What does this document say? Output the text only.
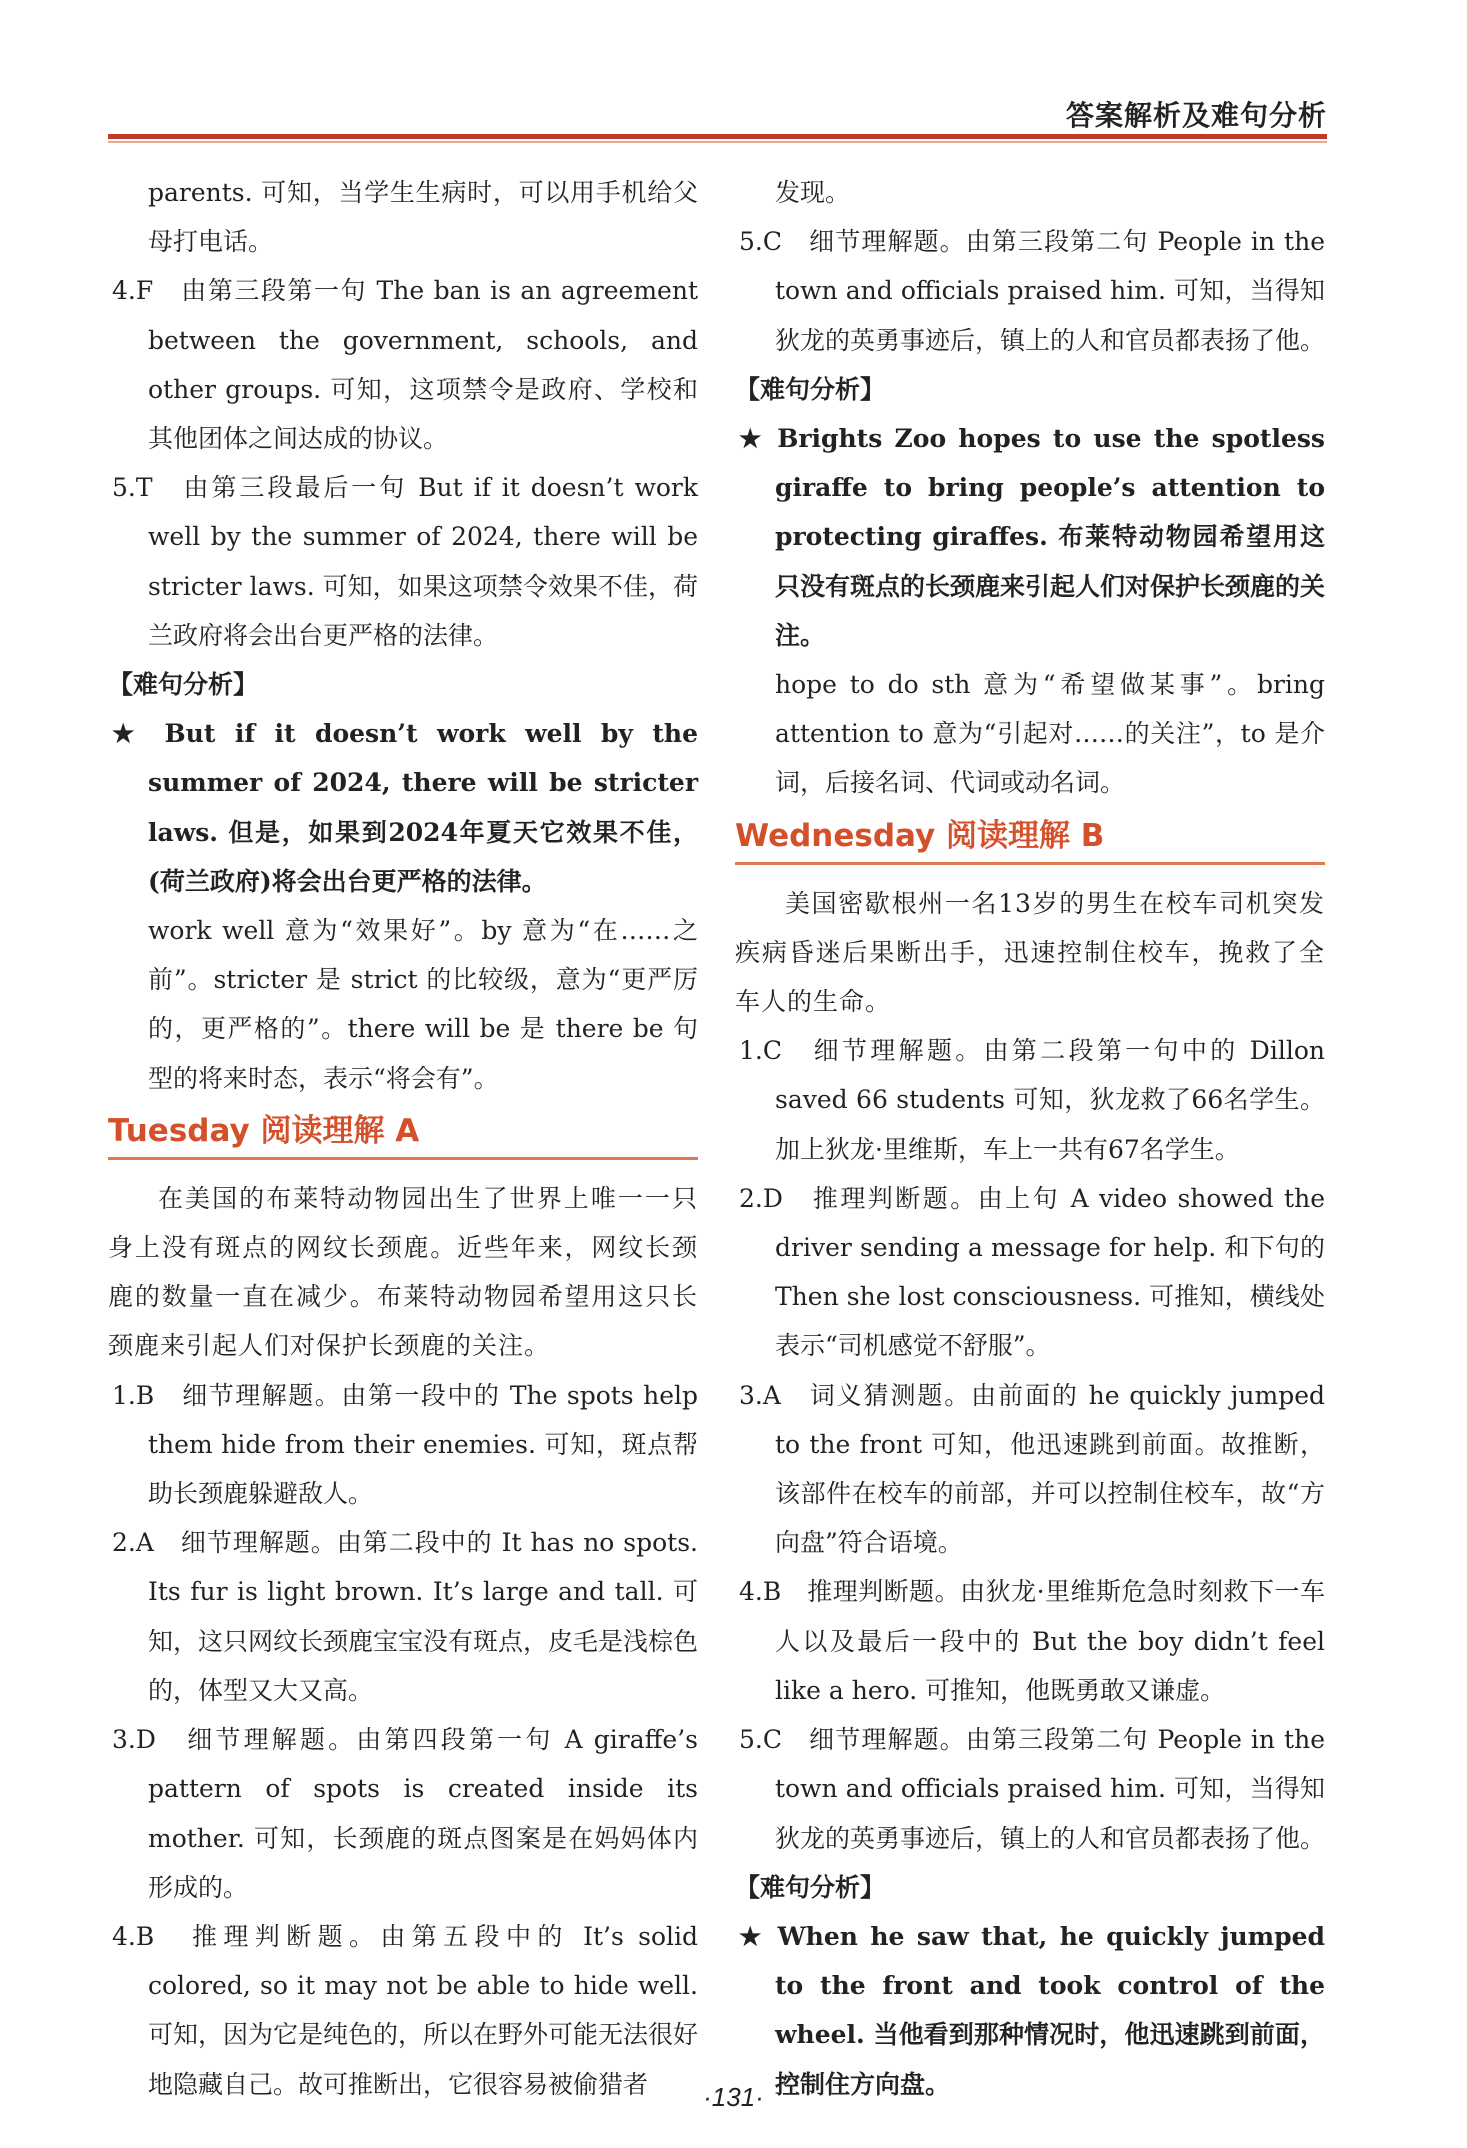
答案解析及难句分析

parents. 可知，当学生生病时，可以用手机给父母打电话。

4.F　由第三段第一句 The ban is an agreement between the government, schools, and other groups. 可知，这项禁令是政府、学校和其他团体之间达成的协议。

5.T　由第三段最后一句 But if it doesn’t work well by the summer of 2024, there will be stricter laws. 可知，如果这项禁令效果不佳，荷兰政府将会出台更严格的法律。

【难句分析】

★ But if it doesn’t work well by the summer of 2024, there will be stricter laws. 但是，如果到2024年夏天它效果不佳，(荷兰政府)将会出台更严格的法律。

work well 意为“效果好”。by 意为“在……之前”。stricter 是 strict 的比较级，意为“更严厉的，更严格的”。there will be 是 there be 句型的将来时态，表示“将会有”。

Tuesday 阅读理解 A

在美国的布莱特动物园出生了世界上唯一一只身上没有斑点的网纹长颈鹿。近些年来，网纹长颈鹿的数量一直在减少。布莱特动物园希望用这只长颈鹿来引起人们对保护长颈鹿的关注。

1.B　细节理解题。由第一段中的 The spots help them hide from their enemies. 可知，斑点帮助长颈鹿躲避敌人。

2.A　细节理解题。由第二段中的 It has no spots. Its fur is light brown. It’s large and tall. 可知，这只网纹长颈鹿宝宝没有斑点，皮毛是浅棕色的，体型又大又高。

3.D　细节理解题。由第四段第一句 A giraffe’s pattern of spots is created inside its mother. 可知，长颈鹿的斑点图案是在妈妈体内形成的。

4.B　推理判断题。由第五段中的 It’s solid colored, so it may not be able to hide well. 可知，因为它是纯色的，所以在野外可能无法很好地隐藏自己。故可推断出，它很容易被偷猎者

发现。

5.C　细节理解题。由第三段第二句 People in the town and officials praised him. 可知，当得知狄龙的英勇事迹后，镇上的人和官员都表扬了他。

【难句分析】

★ Brights Zoo hopes to use the spotless giraffe to bring people’s attention to protecting giraffes. 布莱特动物园希望用这只没有斑点的长颈鹿来引起人们对保护长颈鹿的关注。

hope to do sth 意为“希望做某事”。bring attention to 意为“引起对……的关注”，to 是介词，后接名词、代词或动名词。

Wednesday 阅读理解 B

美国密歇根州一名13岁的男生在校车司机突发疾病昏迷后果断出手，迅速控制住校车，挽救了全车人的生命。

1.C　细节理解题。由第二段第一句中的 Dillon saved 66 students 可知，狄龙救了66名学生。加上狄龙·里维斯，车上一共有67名学生。

2.D　推理判断题。由上句 A video showed the driver sending a message for help. 和下句的 Then she lost consciousness. 可推知，横线处表示“司机感觉不舒服”。

3.A　词义猜测题。由前面的 he quickly jumped to the front 可知，他迅速跳到前面。故推断，该部件在校车的前部，并可以控制住校车，故“方向盘”符合语境。

4.B　推理判断题。由狄龙·里维斯危急时刻救下一车人以及最后一段中的 But the boy didn’t feel like a hero. 可推知，他既勇敢又谦虚。

5.C　细节理解题。由第三段第二句 People in the town and officials praised him. 可知，当得知狄龙的英勇事迹后，镇上的人和官员都表扬了他。

【难句分析】

★ When he saw that, he quickly jumped to the front and took control of the wheel. 当他看到那种情况时，他迅速跳到前面，控制住方向盘。

·131·
